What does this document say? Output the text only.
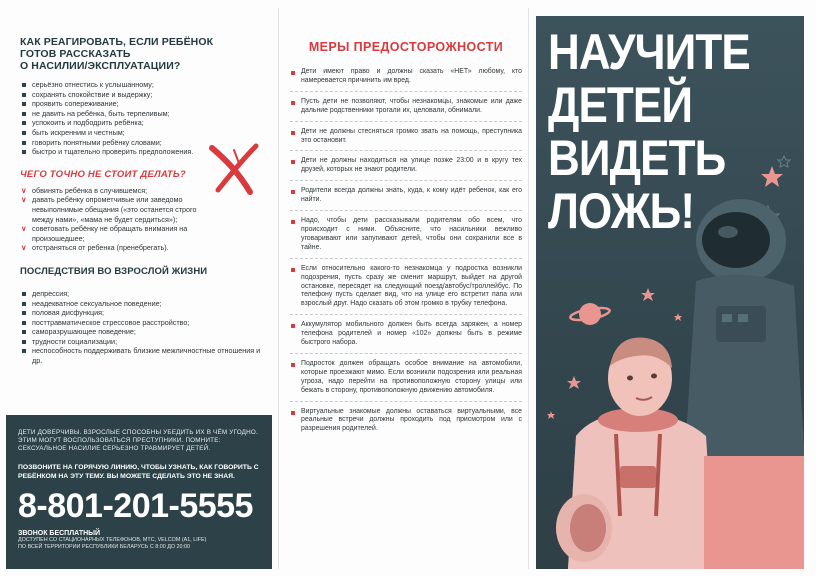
КАК РЕАГИРОВАТЬ, ЕСЛИ РЕБЁНОК
ГОТОВ РАССКАЗАТЬ
О НАСИЛИИ/ЭКСПЛУАТАЦИИ?
серьёзно отнестись к услышанному;
сохранять спокойствие и выдержку;
проявить сопереживание;
не давить на ребёнка, быть терпеливым;
успокоить и подбодрить ребёнка;
быть искренним и честным;
говорить понятными ребёнку словами;
быстро и тщательно проверить предположения.
ЧЕГО ТОЧНО НЕ СТОИТ ДЕЛАТЬ?
∨ обвинять ребёнка в случившемся;
∨ давать ребёнку опрометчивые или заведомо невыполнимые обещания («это останется строго между нами», «мама не будет сердиться»);
∨ советовать ребёнку не обращать внимания на произошедшее;
∨ отстраняться от ребенка (пренебрегать).
ПОСЛЕДСТВИЯ ВО ВЗРОСЛОЙ ЖИЗНИ
депрессия;
неадекватное сексуальное поведение;
половая дисфункция;
посттравматическое стрессовое расстройство;
саморазрушающее поведение;
трудности социализации;
неспособность поддерживать близкие межличностные отношения и др.
ДЕТИ ДОВЕРЧИВЫ. ВЗРОСЛЫЕ СПОСОБНЫ УБЕДИТЬ ИХ В ЧЁМ УГОДНО. ЭТИМ МОГУТ ВОСПОЛЬЗОВАТЬСЯ ПРЕСТУПНИКИ. ПОМНИТЕ: СЕКСУАЛЬНОЕ НАСИЛИЕ СЕРЬЕЗНО ТРАВМИРУЕТ ДЕТЕЙ.
ПОЗВОНИТЕ НА ГОРЯЧУЮ ЛИНИЮ, ЧТОБЫ УЗНАТЬ, КАК ГОВОРИТЬ С РЕБЁНКОМ НА ЭТУ ТЕМУ. ВЫ МОЖЕТЕ СДЕЛАТЬ ЭТО НЕ ЗНАЯ.
8-801-201-5555
ЗВОНОК БЕСПЛАТНЫЙ
ДОСТУПЕН СО СТАЦИОНАРНЫХ ТЕЛЕФОНОВ, МТС, VELCOM (A1, LIFE)
ПО ВСЕЙ ТЕРРИТОРИИ РЕСПУБЛИКИ БЕЛАРУСЬ С 8:00 ДО 20:00
МЕРЫ ПРЕДОСТОРОЖНОСТИ
Дети имеют право и должны сказать «НЕТ» любому, кто намеревается причинить им вред.
Пусть дети не позволяют, чтобы незнакомцы, знакомые или даже дальние родственники трогали их, целовали, обнимали.
Дети не должны стесняться громко звать на помощь, преступника это остановит.
Дети не должны находиться на улице позже 23:00 и в кругу тех друзей, которых не знают родители.
Родители всегда должны знать, куда, к кому идёт ребенок, как его найти.
Надо, чтобы дети рассказывали родителям обо всем, что происходит с ними. Объясните, что насильники вежливо уговаривают или запугивают детей, чтобы они сохранили все в тайне.
Если относительно какого-то незнакомца у подростка возникли подозрения, пусть сразу же сменит маршрут, выйдет на другой остановке, пересядет на следующий поезд/автобус/троллейбус. По телефону пусть сделает вид, что на улице его встретит папа или взрослый друг. Надо сказать об этом громко в трубку телефона.
Аккумулятор мобильного должен быть всегда заряжен, а номер телефона родителей и номер «102» должны быть в режиме быстрого набора.
Подросток должен обращать особое внимание на автомобили, которые проезжают мимо. Если возникли подозрения или реальная угроза, надо перейти на противоположную сторону улицы или бежать в сторону, противоположную движению автомобиля.
Виртуальные знакомые должны оставаться виртуальными, все реальные встречи должны проходить под присмотром или с разрешения родителей.
НАУЧИТЕ
ДЕТЕЙ
ВИДЕТЬ
ЛОЖЬ!
